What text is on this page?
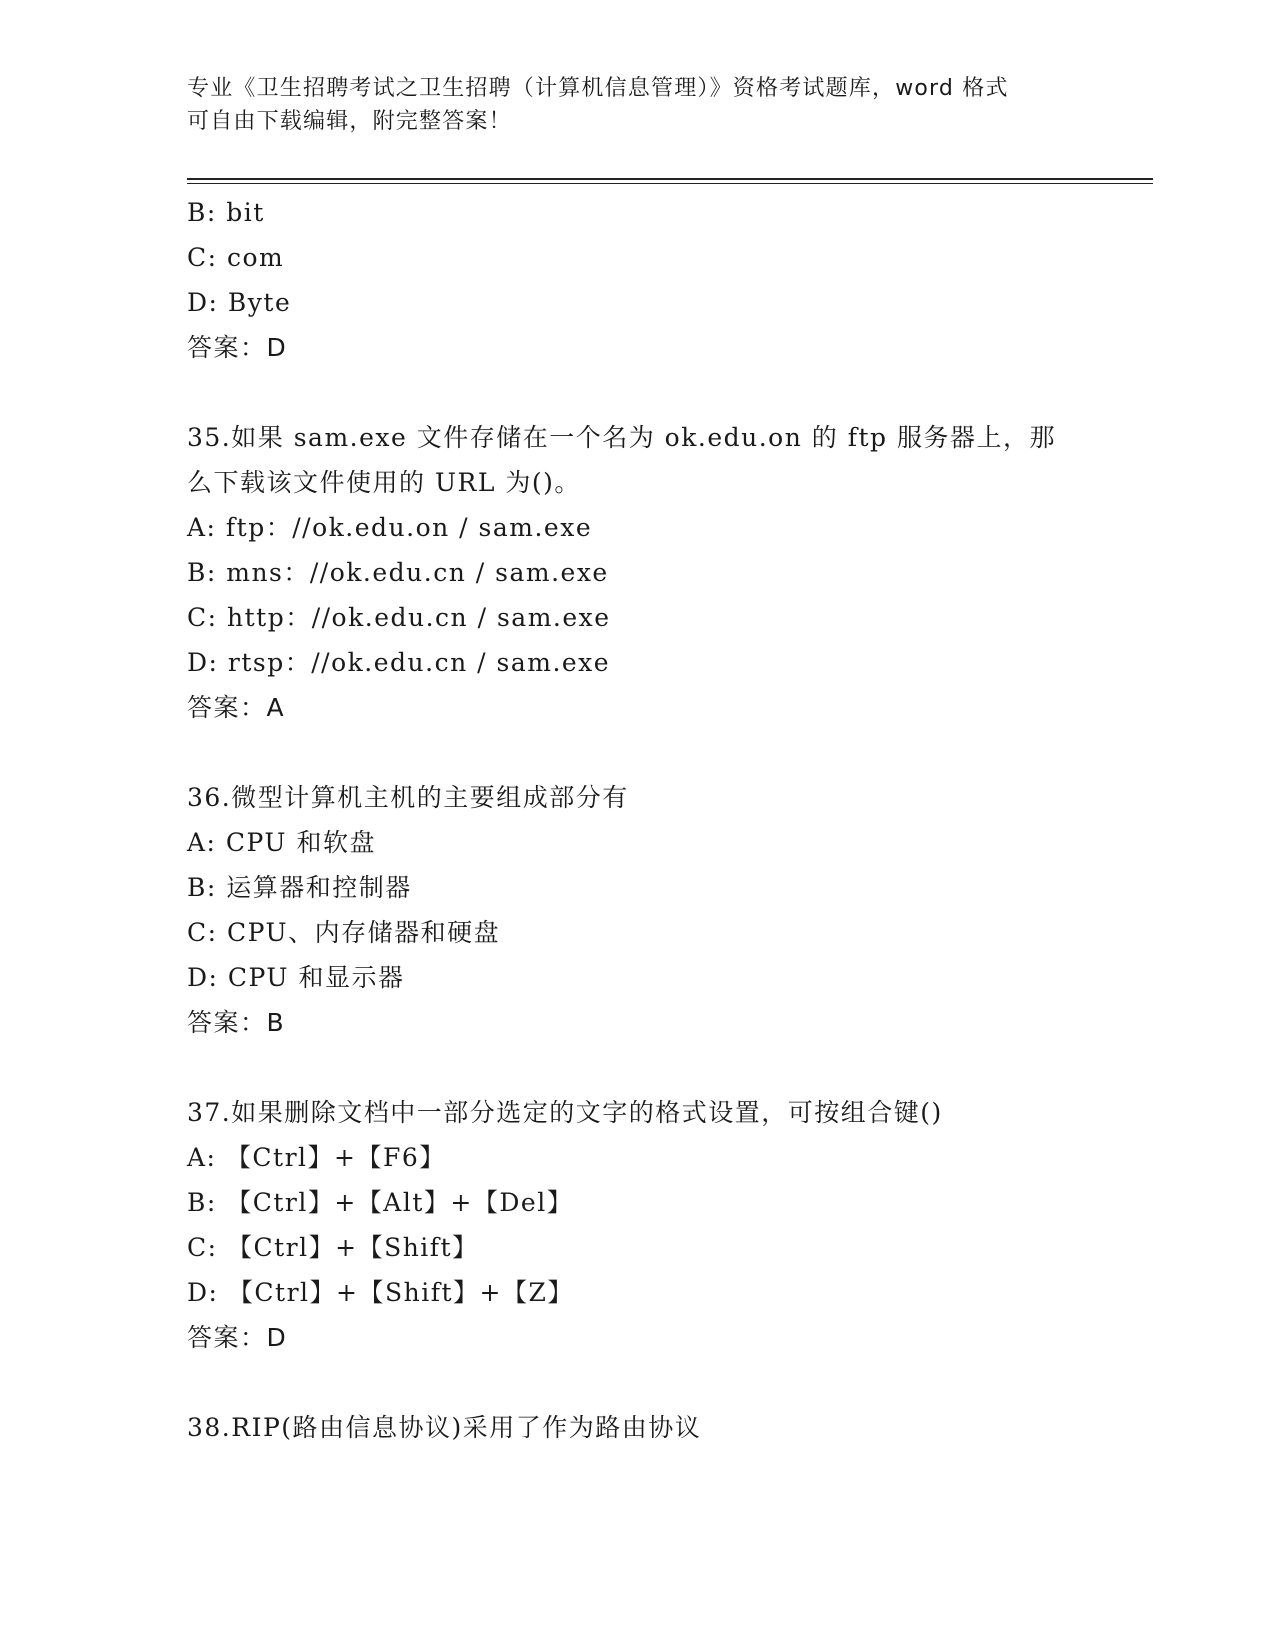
专业《卫生招聘考试之卫生招聘（计算机信息管理）》资格考试题库，word 格式
可自由下载编辑，附完整答案！
B: bit
C: com
D: Byte
答案：D
35.如果 sam.exe 文件存储在一个名为 ok.edu.on 的 ftp 服务器上，那
么下载该文件使用的 URL 为()。
A: ftp：//ok.edu.on / sam.exe
B: mns：//ok.edu.cn / sam.exe
C: http：//ok.edu.cn / sam.exe
D: rtsp：//ok.edu.cn / sam.exe
答案：A
36.微型计算机主机的主要组成部分有
A: CPU 和软盘
B: 运算器和控制器
C: CPU、内存储器和硬盘
D: CPU 和显示器
答案：B
37.如果删除文档中一部分选定的文字的格式设置，可按组合键()
A: 【Ctrl】+【F6】
B: 【Ctrl】+【Alt】+【Del】
C: 【Ctrl】+【Shift】
D: 【Ctrl】+【Shift】+【Z】
答案：D
38.RIP(路由信息协议)采用了作为路由协议
